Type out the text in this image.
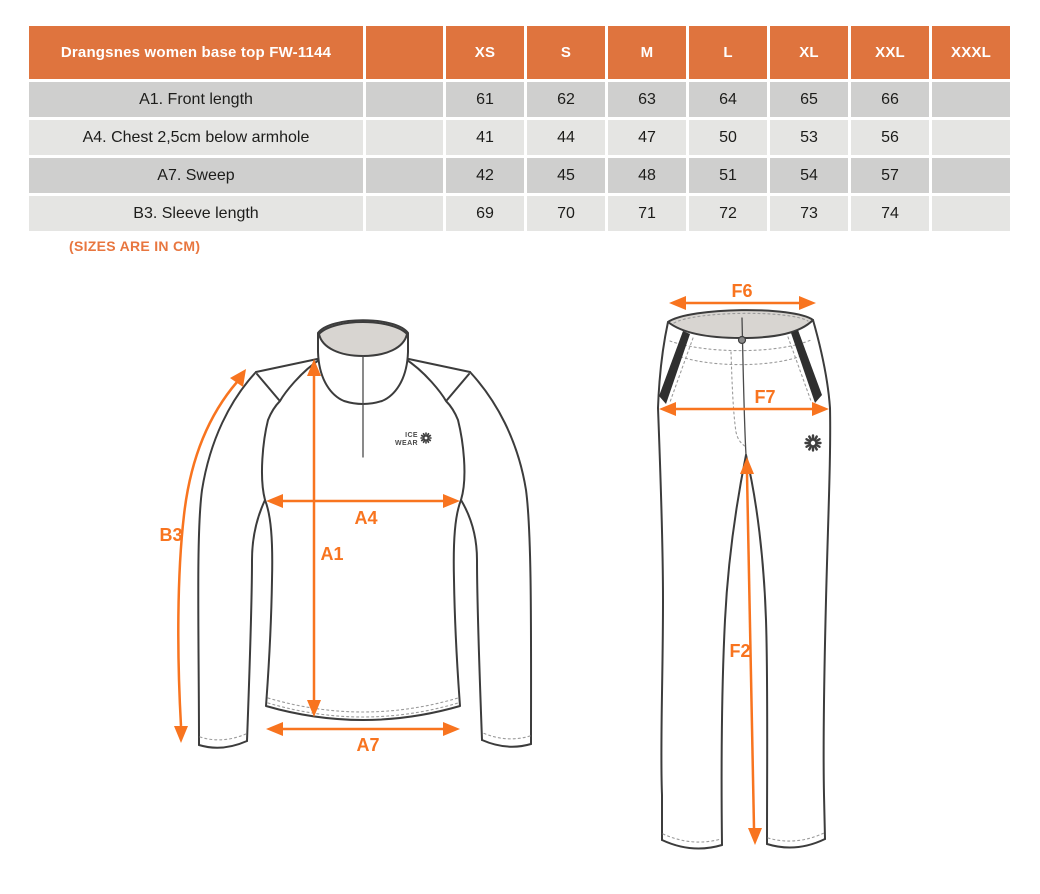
ICE
WEAR
B3
A4
A1
A7
F6
F7
F2
Drangsnes women base top FW-1144		XS	S	M	L	XL	XXL	XXXL
A1. Front length		61	62	63	64	65	66	
A4. Chest 2,5cm below armhole		41	44	47	50	53	56	
A7. Sweep		42	45	48	51	54	57	
B3. Sleeve length		69	70	71	72	73	74	
(SIZES ARE IN CM)
